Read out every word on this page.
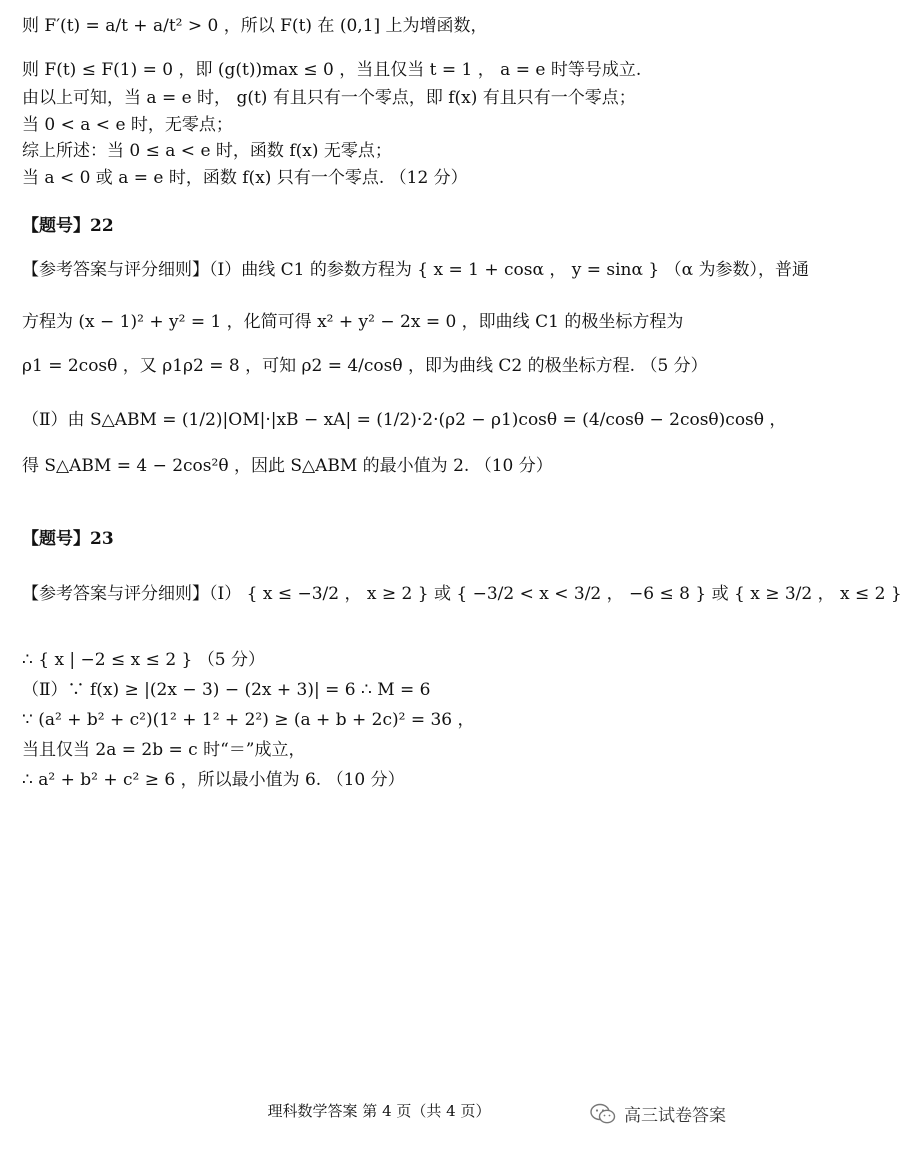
则 F′(t) = a/t + a/t² > 0 ，所以 F(t) 在 (0,1] 上为增函数，
则 F(t) ≤ F(1) = 0 ，即 (g(t))max ≤ 0 ，当且仅当 t = 1 ， a = e 时等号成立.
由以上可知，当 a = e 时， g(t) 有且只有一个零点，即 f(x) 有且只有一个零点；
当 0 < a < e 时，无零点；
综上所述：当 0 ≤ a < e 时，函数 f(x) 无零点；
当 a < 0 或 a = e 时，函数 f(x) 只有一个零点. （12 分）
【题号】22
【参考答案与评分细则】（Ⅰ）曲线 C1 的参数方程为 { x = 1 + cosα ， y = sinα } （α 为参数），普通
方程为 (x − 1)² + y² = 1 ，化简可得 x² + y² − 2x = 0 ，即曲线 C1 的极坐标方程为
ρ1 = 2cosθ ，又 ρ1ρ2 = 8 ，可知 ρ2 = 4/cosθ ，即为曲线 C2 的极坐标方程. （5 分）
（Ⅱ）由 S△ABM = (1/2)|OM|·|xB − xA| = (1/2)·2·(ρ2 − ρ1)cosθ = (4/cosθ − 2cosθ)cosθ ，
得 S△ABM = 4 − 2cos²θ ，因此 S△ABM 的最小值为 2. （10 分）
【题号】23
【参考答案与评分细则】（Ⅰ） { x ≤ −3/2 ， x ≥ 2 } 或 { −3/2 < x < 3/2 ， −6 ≤ 8 } 或 { x ≥ 3/2 ， x ≤ 2 }
∴ { x | −2 ≤ x ≤ 2 } （5 分）
（Ⅱ）∵ f(x) ≥ |(2x − 3) − (2x + 3)| = 6 ∴ M = 6
∵ (a² + b² + c²)(1² + 1² + 2²) ≥ (a + b + 2c)² = 36 ，
当且仅当 2a = 2b = c 时“＝”成立，
∴ a² + b² + c² ≥ 6 ，所以最小值为 6. （10 分）
理科数学答案 第 4 页（共 4 页）	高三试卷答案
